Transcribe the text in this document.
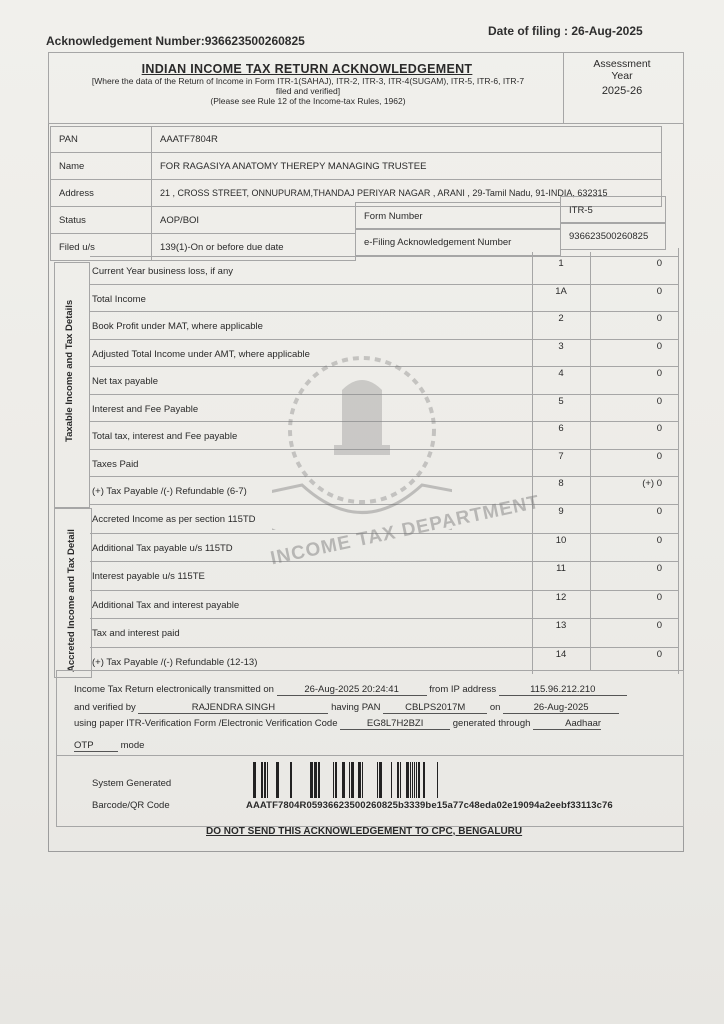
Acknowledgement Number:936623500260825
Date of filing : 26-Aug-2025
INDIAN INCOME TAX RETURN ACKNOWLEDGEMENT
[Where the data of the Return of Income in Form ITR-1(SAHAJ), ITR-2, ITR-3, ITR-4(SUGAM), ITR-5, ITR-6, ITR-7
filed and verified]
(Please see Rule 12 of the Income-tax Rules, 1962)
Assessment
Year
2025-26
PAN	AAATF7804R
Name	FOR RAGASIYA ANATOMY THEREPY MANAGING TRUSTEE
Address	21 , CROSS STREET, ONNUPURAM,THANDAJ PERIYAR NAGAR , ARANI , 29-Tamil Nadu, 91-INDIA, 632315
Status	AOP/BOI	Form Number
ITR-5
Filed u/s	139(1)-On or before due date	e-Filing Acknowledgement Number
936623500260825
Taxable Income and Tax Details
Accreted Income and Tax Detail
Current Year business loss, if any
1	0
Total Income
1A	0
Book Profit under MAT, where applicable
2	0
Adjusted Total Income under AMT, where applicable
3	0
Net tax payable
4	0
Interest and Fee Payable
5	0
Total tax, interest and Fee payable
6	0
Taxes Paid
7	0
(+) Tax Payable /(-) Refundable (6-7)
8	(+) 0
Accreted Income as per section 115TD
9	0
Additional Tax payable u/s 115TD
10	0
Interest payable u/s 115TE
11	0
Additional Tax and interest payable
12	0
Tax and interest paid
13	0
(+) Tax Payable /(-) Refundable (12-13)
14	0
INCOME TAX DEPARTMENT
Income Tax Return electronically transmitted on	26-Aug-2025 20:24:41	from IP address	115.96.212.210
and verified by	RAJENDRA SINGH	having PAN	CBLPS2017M	on	26-Aug-2025
using paper ITR-Verification Form /Electronic Verification Code	EG8L7H2BZI	generated through	Aadhaar
OTP	mode
System Generated
Barcode/QR Code	AAATF7804R05936623500260825b3339be15a77c48eda02e19094a2eebf33113c76
DO NOT SEND THIS ACKNOWLEDGEMENT TO CPC, BENGALURU
